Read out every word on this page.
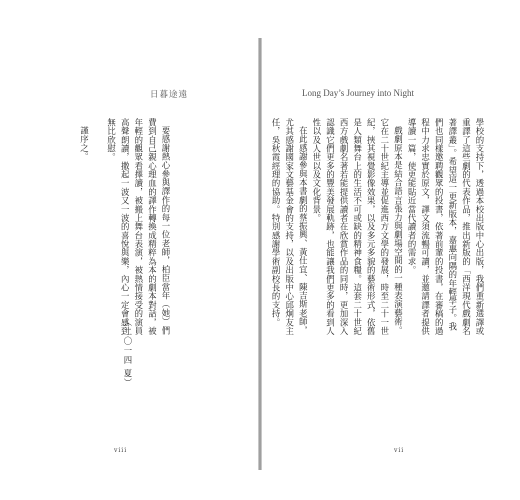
日暮途遠

要感謝熱心參與譯作的每一位老師，柏臣當年（她）們費到自己親心理血的譯作轉換成精粹為本的劇本對話，被年輕的觀眾看擇讀，被搬上舞台表演，被熱情接受的演員高聲朗讀，撒起一波又一波的喜悅與樂，內心一定會感到無比欣慰。

謹序之。

（二〇一四 夏）
viii
Long Day’s Journey into Night

學校的支持下，透過本校出版中心出版，我們重新選譯或重譯了這些劇的代表作品，推出新版的「西洋現代戲劇名著譯叢」。希望這一更新版本，嘉惠向隅的年輕學子。我們也同樣邀聘觀眾的投書，依著前輩的投書，在審稿的過程中力求忠實於原文，譯文須流暢可讀，並邀請譯者提供導讀一篇，使更能貼近當代讀者的需求。

戲劇原本是結合語言張力與劇場空間的一種表演藝術。它在二十世紀主導並促進西方文學的發展，時至二十一世紀，挾其視覺影像效果，以及多元多貌的藝術形式，依舊是人類舞台上的生活不可或缺的精神食糧。這套二十世紀西方戲劇名著若能提供讀者在欣賞作品的同時，更加深入認識它們更多的豐美發展軌跡，也能讓我們更多的看到人性以及人世以及文化背景。

在此感謝參與本書劇的蔡振興、黃仕宜、陳吉斯老師，尤其感謝國家文藝基金會的支持，以及出版中心邱炯友主任，吳秋霞經理的協助。特別感謝學術副校長的支持。

vii
